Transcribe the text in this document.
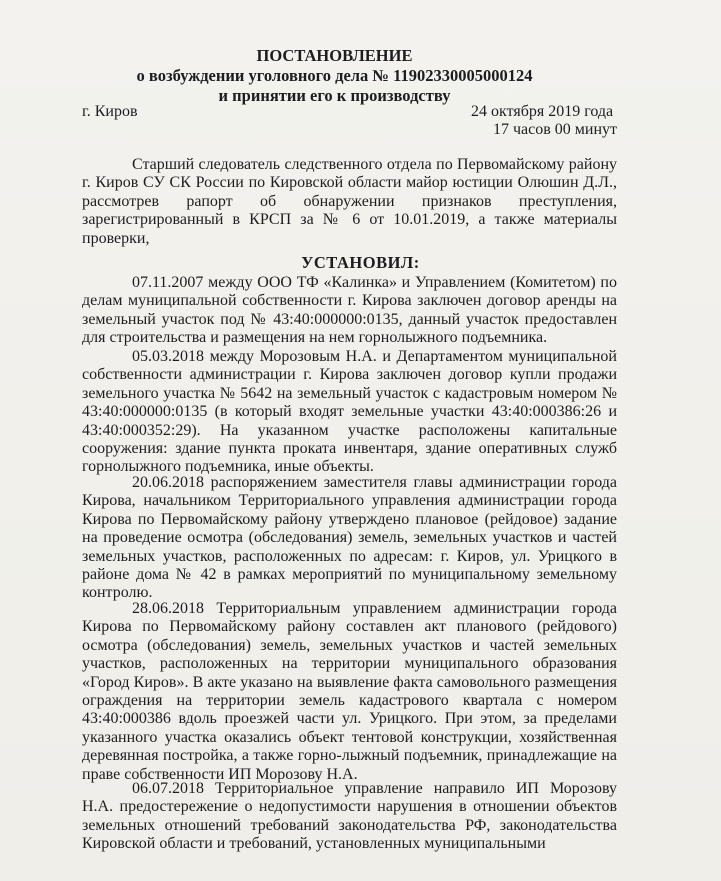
ПОСТАНОВЛЕНИЕ
о возбуждении уголовного дела № 11902330005000124
и принятии его к производству
г. Киров	24 октября 2019 года
17 часов 00 минут

Старший следователь следственного отдела по Первомайскому району г. Киров СУ СК России по Кировской области майор юстиции Олюшин Д.Л., рассмотрев рапорт об обнаружении признаков преступления, зарегистрированный в КРСП за № 6 от 10.01.2019, а также материалы проверки,

УСТАНОВИЛ:

07.11.2007 между ООО ТФ «Калинка» и Управлением (Комитетом) по делам муниципальной собственности г. Кирова заключен договор аренды на земельный участок под № 43:40:000000:0135, данный участок предоставлен для строительства и размещения на нем горнолыжного подъемника.

05.03.2018 между Морозовым Н.А. и Департаментом муниципальной собственности администрации г. Кирова заключен договор купли продажи земельного участка № 5642 на земельный участок с кадастровым номером № 43:40:000000:0135 (в который входят земельные участки 43:40:000386:26 и 43:40:000352:29). На указанном участке расположены капитальные сооружения: здание пункта проката инвентаря, здание оперативных служб горнолыжного подъемника, иные объекты.

20.06.2018 распоряжением заместителя главы администрации города Кирова, начальником Территориального управления администрации города Кирова по Первомайскому району утверждено плановое (рейдовое) задание на проведение осмотра (обследования) земель, земельных участков и частей земельных участков, расположенных по адресам: г. Киров, ул. Урицкого в районе дома № 42 в рамках мероприятий по муниципальному земельному контролю.

28.06.2018 Территориальным управлением администрации города Кирова по Первомайскому району составлен акт планового (рейдового) осмотра (обследования) земель, земельных участков и частей земельных участков, расположенных на территории муниципального образования «Город Киров». В акте указано на выявление факта самовольного размещения ограждения на территории земель кадастрового квартала с номером 43:40:000386 вдоль проезжей части ул. Урицкого. При этом, за пределами указанного участка оказались объект тентовой конструкции, хозяйственная деревянная постройка, а также горно-лыжный подъемник, принадлежащие на праве собственности ИП Морозову Н.А.

06.07.2018 Территориальное управление направило ИП Морозову Н.А. предостережение о недопустимости нарушения в отношении объектов земельных отношений требований законодательства РФ, законодательства Кировской области и требований, установленных муниципальными
